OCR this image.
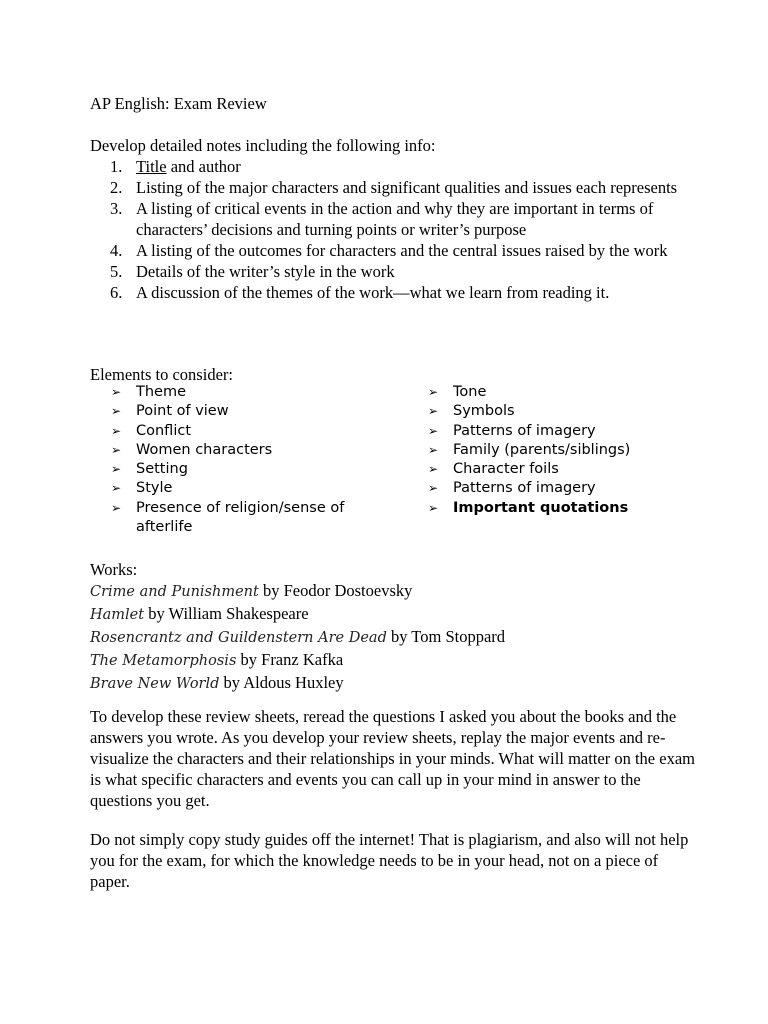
AP English: Exam Review
Develop detailed notes including the following info:
1. Title and author
2. Listing of the major characters and significant qualities and issues each represents
3. A listing of critical events in the action and why they are important in terms of characters’ decisions and turning points or writer’s purpose
4. A listing of the outcomes for characters and the central issues raised by the work
5. Details of the writer’s style in the work
6. A discussion of the themes of the work—what we learn from reading it.
Elements to consider:
➢ Theme
➢ Point of view
➢ Conflict
➢ Women characters
➢ Setting
➢ Style
➢ Presence of religion/sense of afterlife
➢ Tone
➢ Symbols
➢ Patterns of imagery
➢ Family (parents/siblings)
➢ Character foils
➢ Patterns of imagery
➢ Important quotations
Works:
Crime and Punishment by Feodor Dostoevsky
Hamlet by William Shakespeare
Rosencrantz and Guildenstern Are Dead by Tom Stoppard
The Metamorphosis by Franz Kafka
Brave New World by Aldous Huxley

To develop these review sheets, reread the questions I asked you about the books and the answers you wrote. As you develop your review sheets, replay the major events and re-visualize the characters and their relationships in your minds. What will matter on the exam is what specific characters and events you can call up in your mind in answer to the questions you get.

Do not simply copy study guides off the internet! That is plagiarism, and also will not help you for the exam, for which the knowledge needs to be in your head, not on a piece of paper.
